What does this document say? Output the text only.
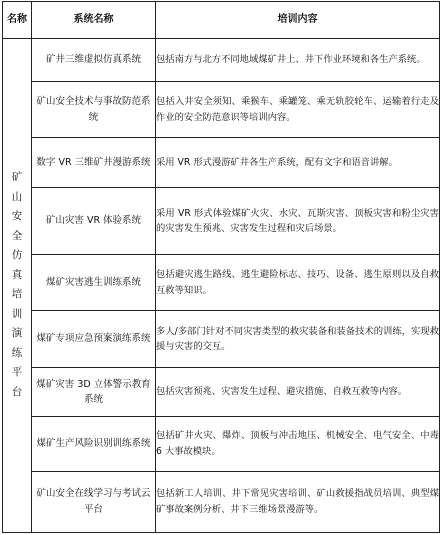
名称	系统名称	培训内容

矿山安全仿真培训演练平台	矿井三维虚拟仿真系统	包括南方与北方不同地域煤矿井上、井下作业环境和各生产系统。
	矿山安全技术与事故防范系统	包括入井安全须知、乘猴车、乘罐笼、乘无轨胶轮车、运输着行走及作业的安全防范意识等培训内容。
	数字 VR 三维矿井漫游系统	采用 VR 形式漫游矿井各生产系统，配有文字和语音讲解。
	矿山灾害 VR 体验系统	采用 VR 形式体验煤矿火灾、水灾、瓦斯灾害、顶板灾害和粉尘灾害的灾害发生预兆、灾害发生过程和灾后场景。
	煤矿灾害逃生训练系统	包括避灾逃生路线、逃生避险标志、技巧、设备、逃生原则以及自救互救等知识。
	煤矿专项应急预案演练系统	多人/多部门针对不同灾害类型的救灾装备和装备技术的训练，实现救援与灾害的交互。
	煤矿灾害 3D 立体警示教育系统	包括灾害预兆、灾害发生过程、避灾措施、自救互救等内容。
	煤矿生产风险识别训练系统	包括矿井火灾、爆炸、顶板与冲击地压、机械安全、电气安全、中毒 6 大事故模块。
	矿山安全在线学习与考试云平台	包括新工人培训、井下常见灾害培训、矿山救援指战员培训、典型煤矿事故案例分析、井下三维场景漫游等。
